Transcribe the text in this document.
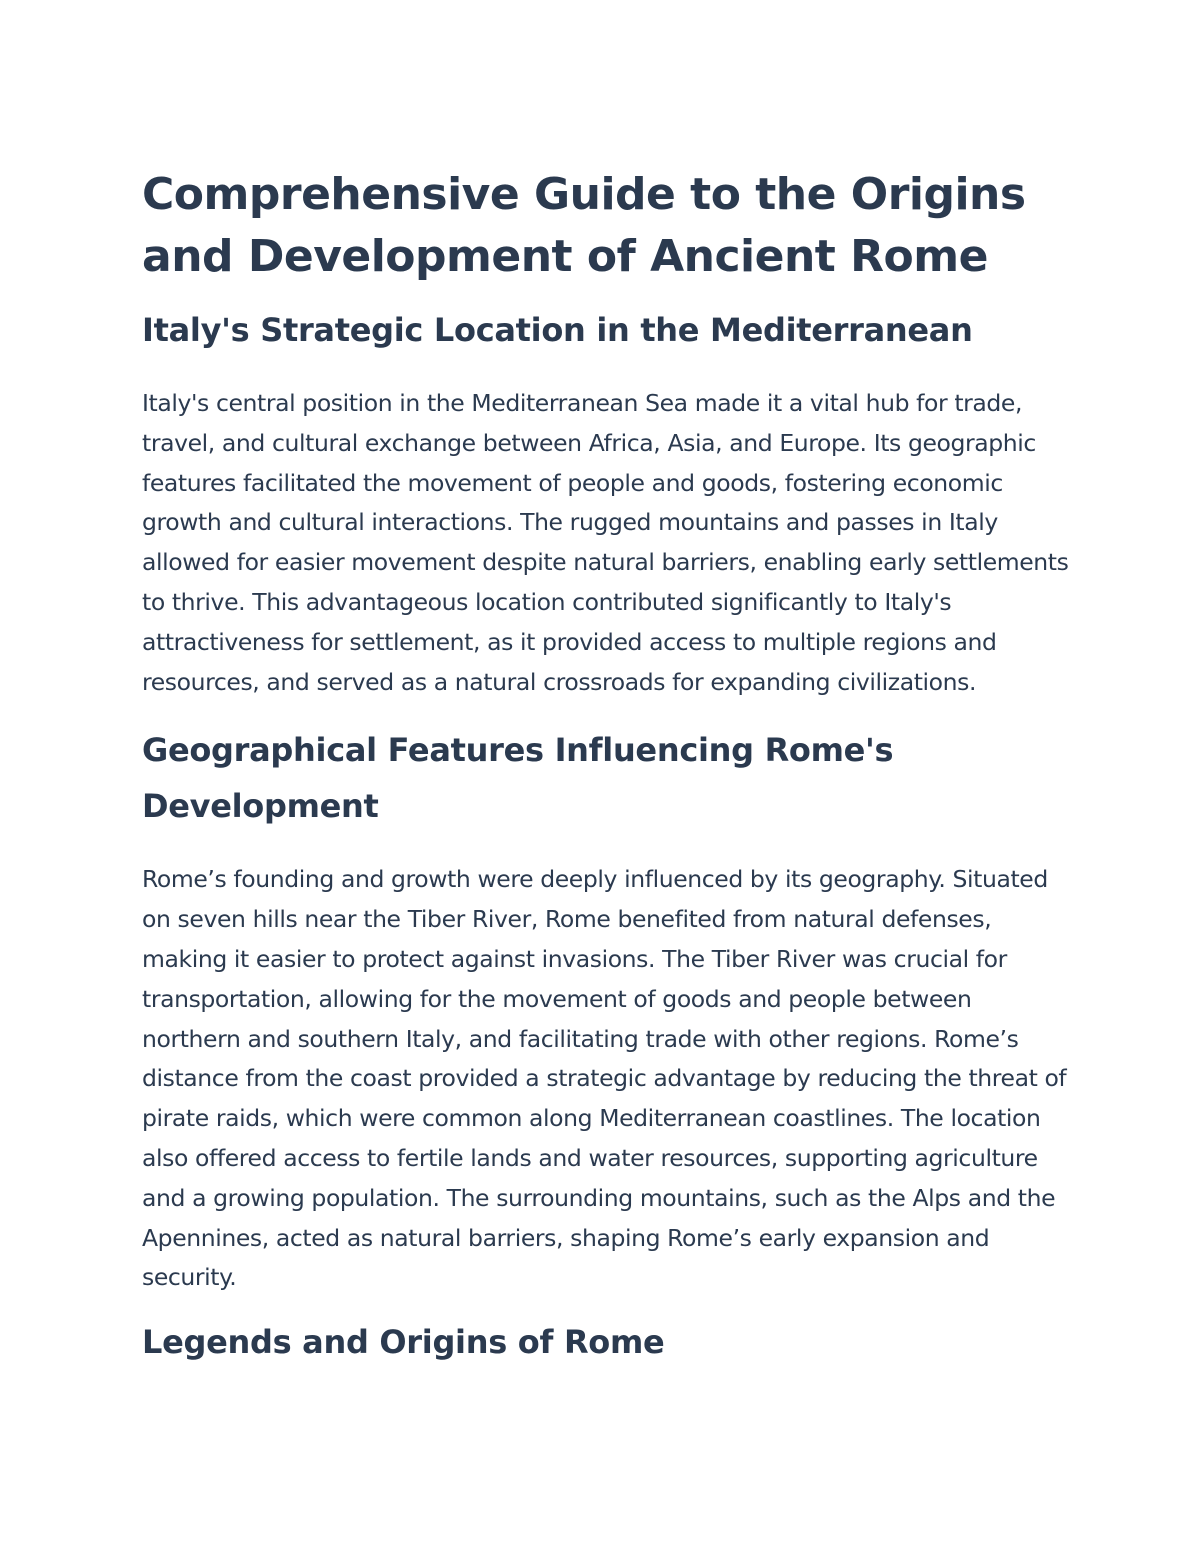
Comprehensive Guide to the Origins and Development of Ancient Rome
Italy's Strategic Location in the Mediterranean

Italy's central position in the Mediterranean Sea made it a vital hub for trade, travel, and cultural exchange between Africa, Asia, and Europe. Its geographic features facilitated the movement of people and goods, fostering economic growth and cultural interactions. The rugged mountains and passes in Italy allowed for easier movement despite natural barriers, enabling early settlements to thrive. This advantageous location contributed significantly to Italy's attractiveness for settlement, as it provided access to multiple regions and resources, and served as a natural crossroads for expanding civilizations.

Geographical Features Influencing Rome's Development

Rome’s founding and growth were deeply influenced by its geography. Situated on seven hills near the Tiber River, Rome benefited from natural defenses, making it easier to protect against invasions. The Tiber River was crucial for transportation, allowing for the movement of goods and people between northern and southern Italy, and facilitating trade with other regions. Rome’s distance from the coast provided a strategic advantage by reducing the threat of pirate raids, which were common along Mediterranean coastlines. The location also offered access to fertile lands and water resources, supporting agriculture and a growing population. The surrounding mountains, such as the Alps and the Apennines, acted as natural barriers, shaping Rome’s early expansion and security.

Legends and Origins of Rome
